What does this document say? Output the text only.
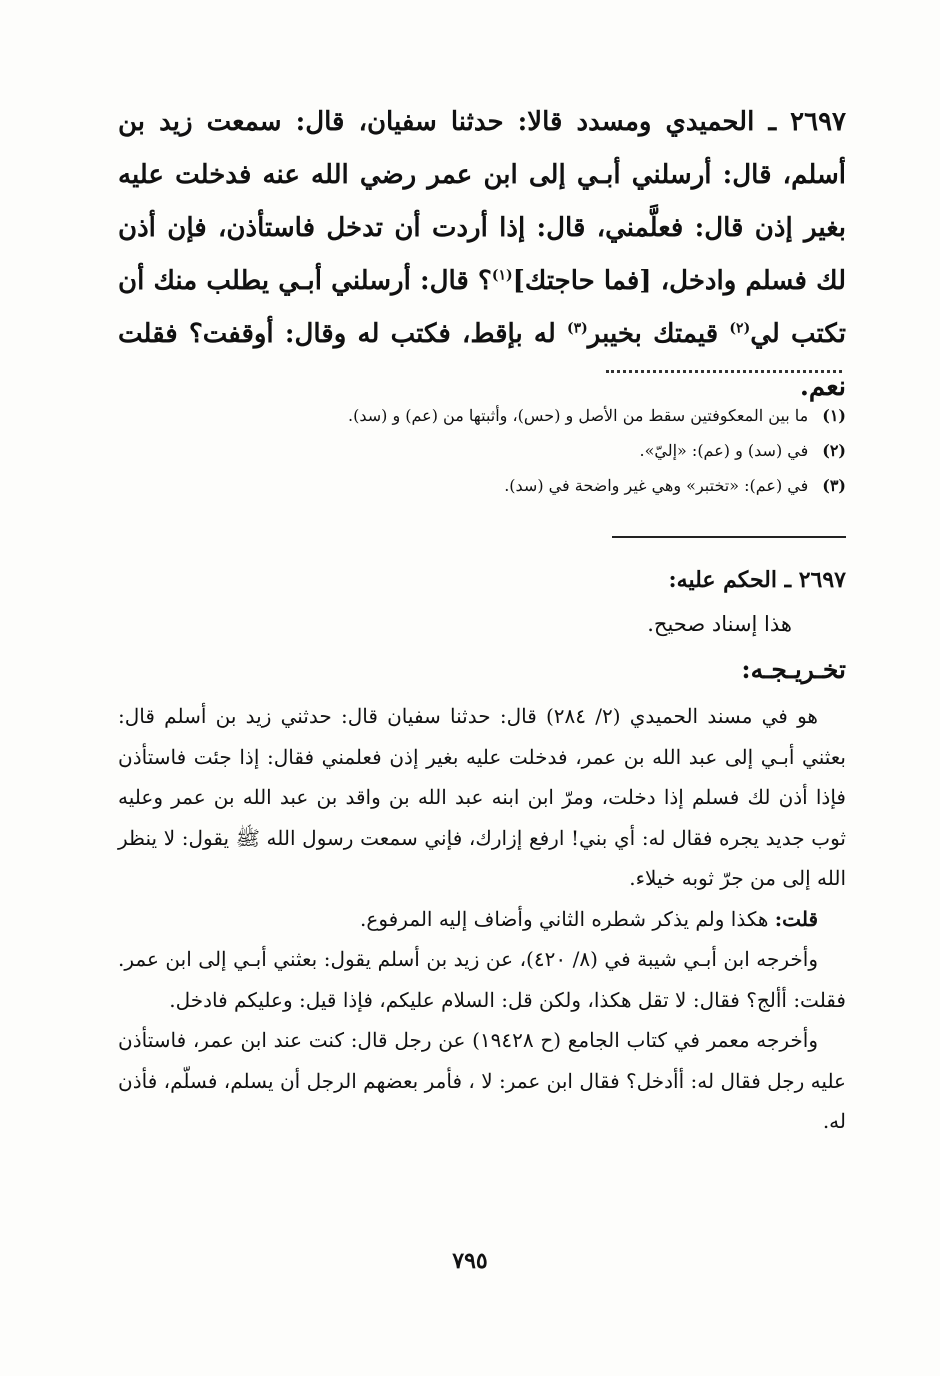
٢٦٩٧ ـ الحميدي ومسدد قالا: حدثنا سفيان، قال: سمعت زيد بن أسلم، قال: أرسلني أبـي إلى ابن عمر رضي الله عنه فدخلت عليه بغير إذن قال: فعلَّمني، قال: إذا أردت أن تدخل فاستأذن، فإن أذن لك فسلم وادخل، [فما حاجتك]$^{(١)}$؟ قال: أرسلني أبـي يطلب منك أن تكتب لي$^{(٢)}$ قيمتك بخيبر$^{(٣)}$ له بإقط، فكتب له وقال: أوقفت؟ فقلت نعم.
(١)ما بين المعكوفتين سقط من الأصل و (حس)، وأثبتها من (عم) و (سد).
(٢)في (سد) و (عم): «إليّ».
(٣)في (عم): «تختبر» وهي غير واضحة في (سد).
٢٦٩٧ ـ الحكم عليه:
هذا إسناد صحيح.
تخـريـجـه:

هو في مسند الحميدي (٢/ ٢٨٤) قال: حدثنا سفيان قال: حدثني زيد بن أسلم قال: بعثني أبـي إلى عبد الله بن عمر، فدخلت عليه بغير إذن فعلمني فقال: إذا جئت فاستأذن فإذا أذن لك فسلم إذا دخلت، ومرّ ابن ابنه عبد الله بن واقد بن عبد الله بن عمر وعليه ثوب جديد يجره فقال له: أي بني! ارفع إزارك، فإني سمعت رسول الله ﷺ يقول: لا ينظر الله إلى من جرّ ثوبه خيلاء.

قلت: هكذا ولم يذكر شطره الثاني وأضاف إليه المرفوع.

وأخرجه ابن أبـي شيبة في (٨/ ٤٢٠)، عن زيد بن أسلم يقول: بعثني أبـي إلى ابن عمر. فقلت: أألج؟ فقال: لا تقل هكذا، ولكن قل: السلام عليكم، فإذا قيل: وعليكم فادخل.

وأخرجه معمر في كتاب الجامع (ح ١٩٤٢٨) عن رجل قال: كنت عند ابن عمر، فاستأذن عليه رجل فقال له: أأدخل؟ فقال ابن عمر: لا ، فأمر بعضهم الرجل أن يسلم، فسلّم، فأذن له.

٧٩٥
